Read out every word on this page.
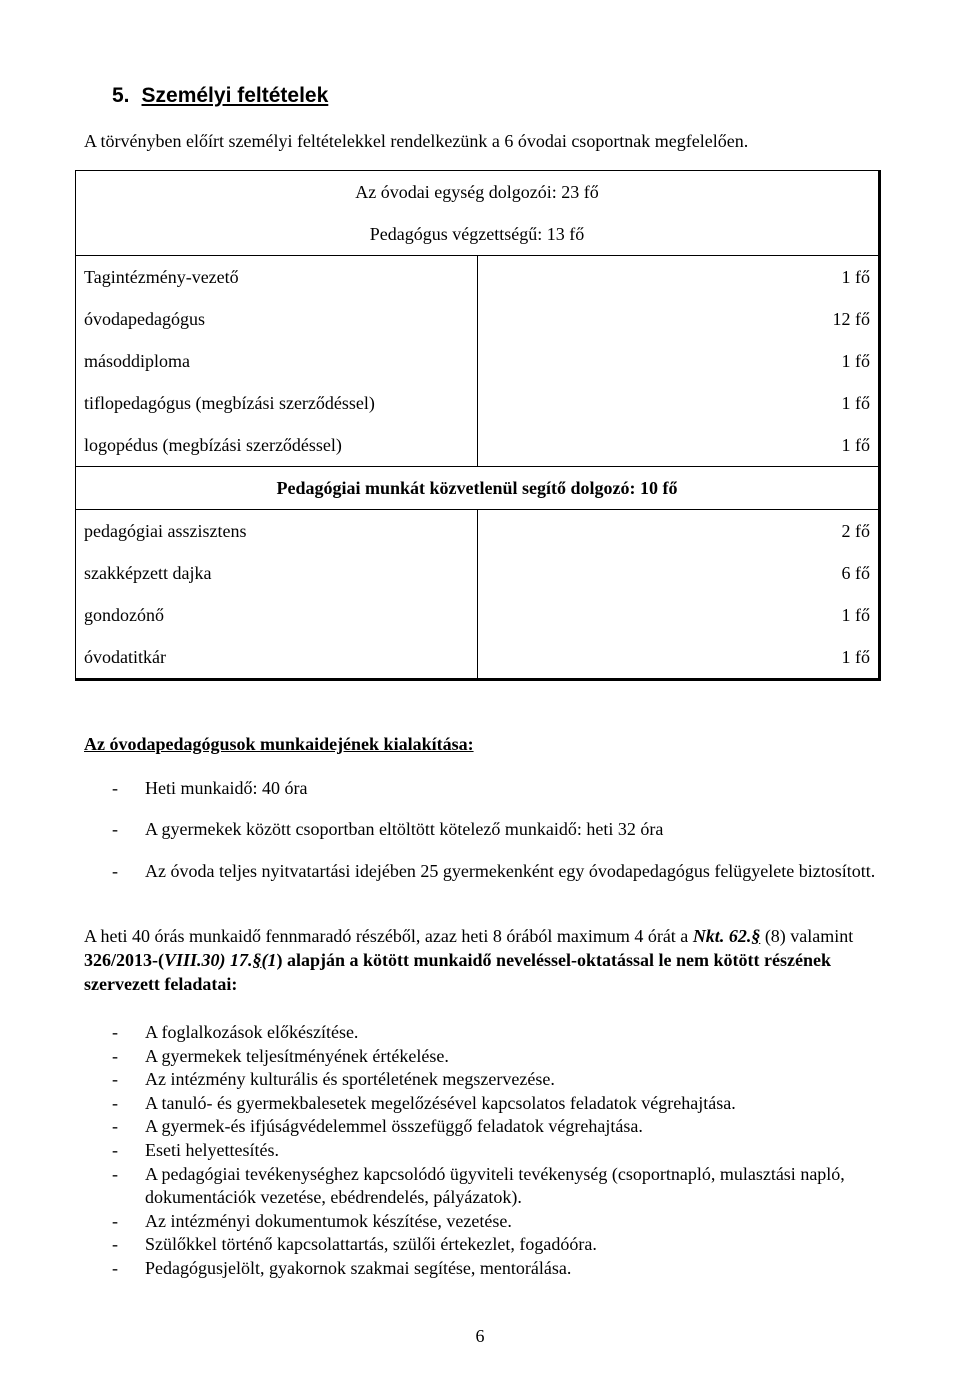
5. Személyi feltételek
A törvényben előírt személyi feltételekkel rendelkezünk a 6 óvodai csoportnak megfelelően.
Az óvodai egység dolgozói: 23 fő	
Pedagógus végzettségű: 13 fő	
Tagintézmény-vezető	1 fő
óvodapedagógus	12 fő
másoddiploma	1 fő
tiflopedagógus (megbízási szerződéssel)	1 fő
logopédus (megbízási szerződéssel)	1 fő
Pedagógiai munkát közvetlenül segítő dolgozó: 10 fő	
pedagógiai asszisztens	2 fő
szakképzett dajka	6 fő
gondozónő	1 fő
óvodatitkár	1 fő
Az óvodapedagógusok munkaidejének kialakítása:
- Heti munkaidő: 40 óra
- A gyermekek között csoportban eltöltött kötelező munkaidő: heti 32 óra
- Az óvoda teljes nyitvatartási idejében 25 gyermekenként egy óvodapedagógus felügyelete biztosított.
A heti 40 órás munkaidő fennmaradó részéből, azaz heti 8 órából maximum 4 órát a Nkt. 62.§ (8) valamint 326/2013-(VIII.30) 17.§(1) alapján a kötött munkaidő neveléssel-oktatással le nem kötött részének szervezett feladatai:
- A foglalkozások előkészítése.
- A gyermekek teljesítményének értékelése.
- Az intézmény kulturális és sportéletének megszervezése.
- A tanuló- és gyermekbalesetek megelőzésével kapcsolatos feladatok végrehajtása.
- A gyermek-és ifjúságvédelemmel összefüggő feladatok végrehajtása.
- Eseti helyettesítés.
- A pedagógiai tevékenységhez kapcsolódó ügyviteli tevékenység (csoportnapló, mulasztási napló, dokumentációk vezetése, ebédrendelés, pályázatok).
- Az intézményi dokumentumok készítése, vezetése.
- Szülőkkel történő kapcsolattartás, szülői értekezlet, fogadóóra.
- Pedagógusjelölt, gyakornok szakmai segítése, mentorálása.
6
